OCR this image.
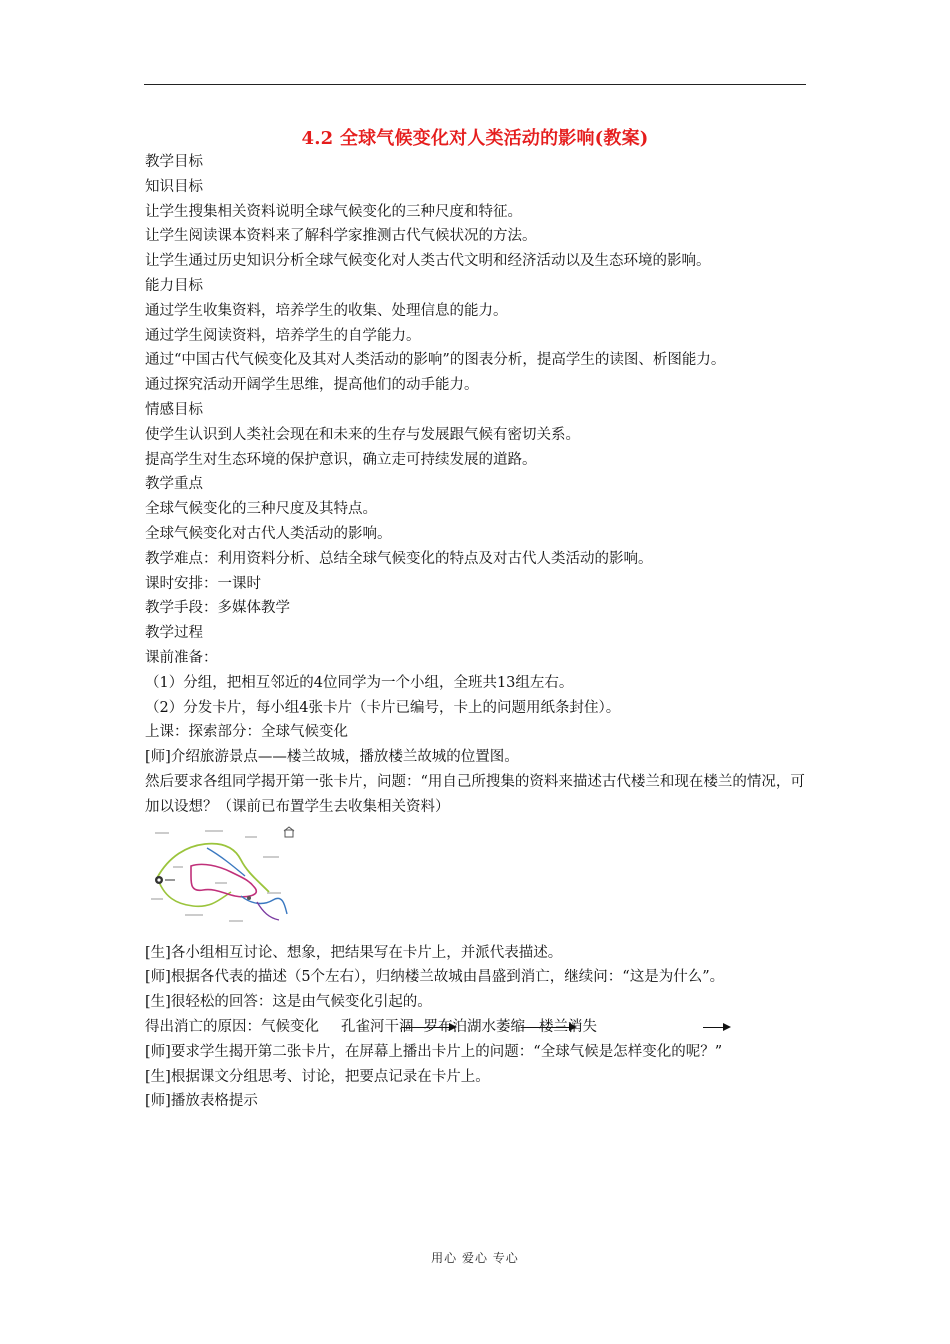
4.2 全球气候变化对人类活动的影响(教案)
教学目标
知识目标
让学生搜集相关资料说明全球气候变化的三种尺度和特征。
让学生阅读课本资料来了解科学家推测古代气候状况的方法。
让学生通过历史知识分析全球气候变化对人类古代文明和经济活动以及生态环境的影响。
能力目标
通过学生收集资料，培养学生的收集、处理信息的能力。
通过学生阅读资料，培养学生的自学能力。
通过“中国古代气候变化及其对人类活动的影响”的图表分析，提高学生的读图、析图能力。
通过探究活动开阔学生思维，提高他们的动手能力。
情感目标
使学生认识到人类社会现在和未来的生存与发展跟气候有密切关系。
提高学生对生态环境的保护意识，确立走可持续发展的道路。
教学重点
全球气候变化的三种尺度及其特点。
全球气候变化对古代人类活动的影响。
教学难点：利用资料分析、总结全球气候变化的特点及对古代人类活动的影响。
课时安排：一课时
教学手段：多媒体教学
教学过程
课前准备：
（1）分组，把相互邻近的4位同学为一个小组，全班共13组左右。
（2）分发卡片，每小组4张卡片（卡片已编号，卡上的问题用纸条封住）。
上课：探索部分：全球气候变化
[师]介绍旅游景点——楼兰故城，播放楼兰故城的位置图。
然后要求各组同学揭开第一张卡片，问题：“用自己所搜集的资料来描述古代楼兰和现在楼兰的情况，可加以设想？（课前已布置学生去收集相关资料）
[生]各小组相互讨论、想象，把结果写在卡片上，并派代表描述。
[师]根据各代表的描述（5个左右），归纳楼兰故城由昌盛到消亡，继续问：“这是为什么”。
[生]很轻松的回答：这是由气候变化引起的。
得出消亡的原因：气候变化 孔雀河干涸 罗布泊湖水萎缩 楼兰消失
[师]要求学生揭开第二张卡片，在屏幕上播出卡片上的问题：“全球气候是怎样变化的呢？”
[生]根据课文分组思考、讨论，把要点记录在卡片上。
[师]播放表格提示
用心 爱心 专心
